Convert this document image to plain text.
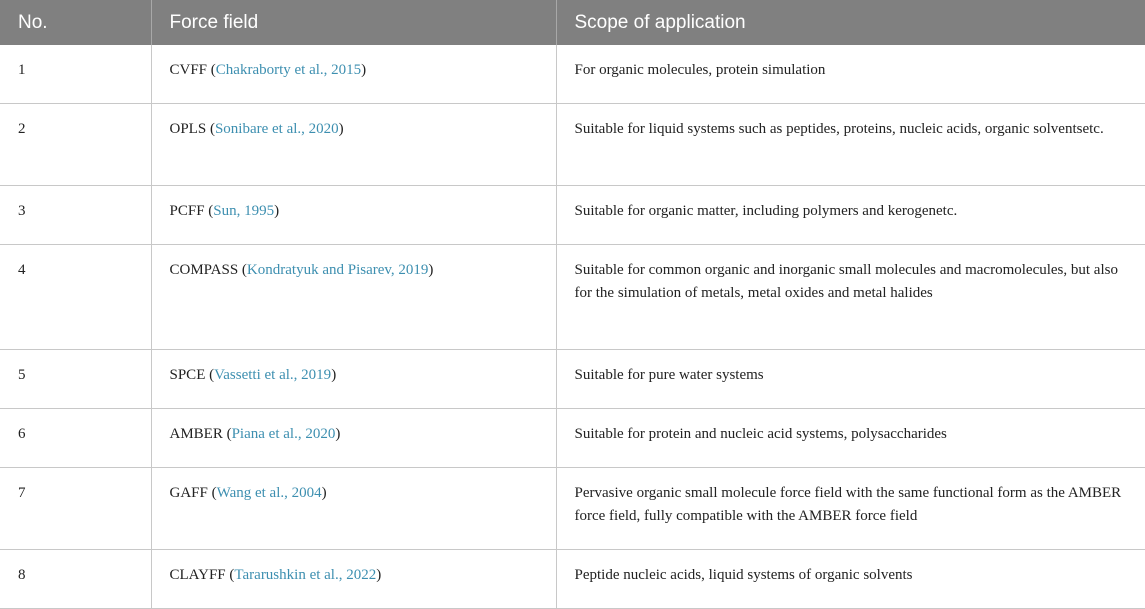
No.	Force field	Scope of application
1	CVFF (Chakraborty et al., 2015)	For organic molecules, protein simulation
2	OPLS (Sonibare et al., 2020)	Suitable for liquid systems such as peptides, proteins, nucleic acids, organic solventsetc.
3	PCFF (Sun, 1995)	Suitable for organic matter, including polymers and kerogenetc.
4	COMPASS (Kondratyuk and Pisarev, 2019)	Suitable for common organic and inorganic small molecules and macromolecules, but also for the simulation of metals, metal oxides and metal halides
5	SPCE (Vassetti et al., 2019)	Suitable for pure water systems
6	AMBER (Piana et al., 2020)	Suitable for protein and nucleic acid systems, polysaccharides
7	GAFF (Wang et al., 2004)	Pervasive organic small molecule force field with the same functional form as the AMBER force field, fully compatible with the AMBER force field
8	CLAYFF (Tararushkin et al., 2022)	Peptide nucleic acids, liquid systems of organic solvents
